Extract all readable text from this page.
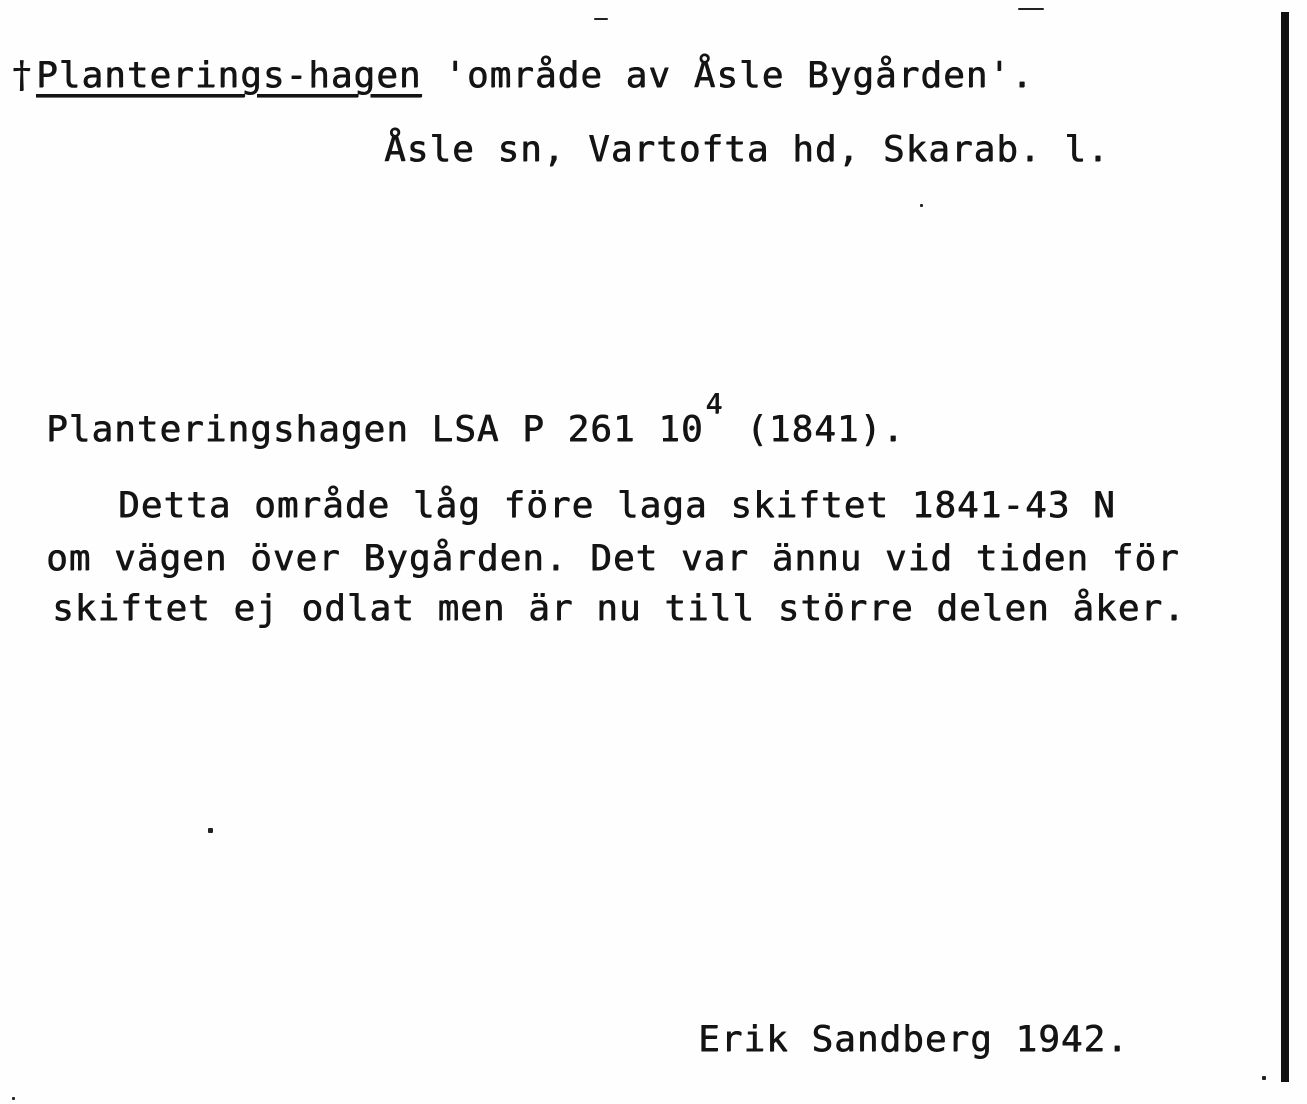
† Planterings-hagen 'område av Åsle Bygården'.
Åsle sn, Vartofta hd, Skarab. l.
Planteringshagen LSA P 261 $10^4$ (1841).
Detta område låg före laga skiftet 1841-43 N
om vägen över Bygården. Det var ännu vid tiden för
skiftet ej odlat men är nu till större delen åker.
Erik Sandberg 1942.
